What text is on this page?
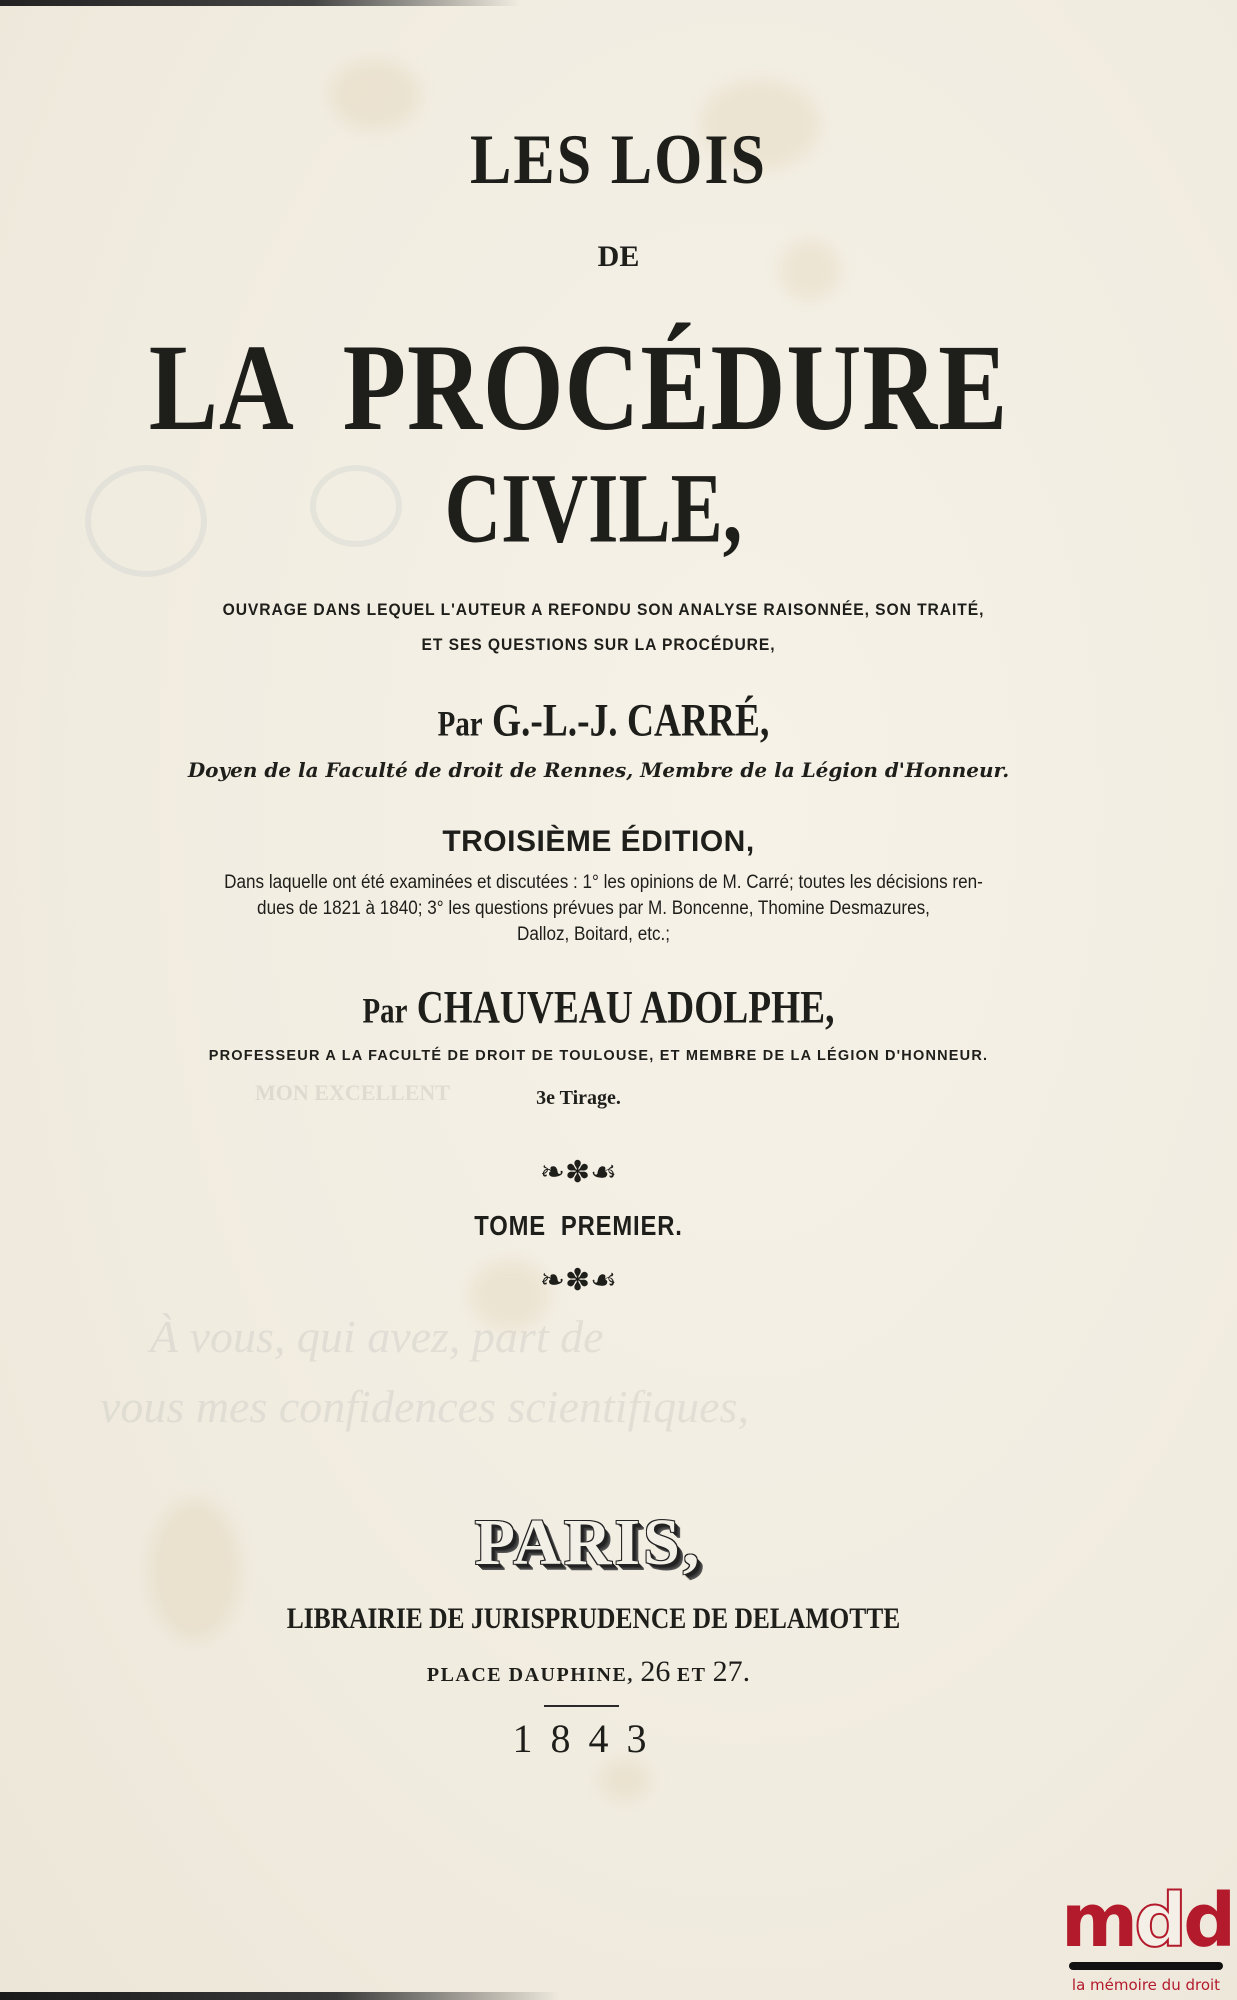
À vous, qui avez, part de
vous mes confidences scientifiques,
MON EXCELLENT
LES LOIS
DE
LA  PROCÉDURE
CIVILE,
OUVRAGE DANS LEQUEL L'AUTEUR A REFONDU SON ANALYSE RAISONNÉE, SON TRAITÉ,
ET SES QUESTIONS SUR LA PROCÉDURE,
Par G.-L.-J. CARRÉ,
Doyen de la Faculté de droit de Rennes, Membre de la Légion d'Honneur.
TROISIÈME ÉDITION,
Dans laquelle ont été examinées et discutées : 1° les opinions de M. Carré; toutes les décisions ren-
dues de 1821 à 1840; 3° les questions prévues par M. Boncenne, Thomine Desmazures,
Dalloz, Boitard, etc.;
Par CHAUVEAU ADOLPHE,
PROFESSEUR A LA FACULTÉ DE DROIT DE TOULOUSE, ET MEMBRE DE LA LÉGION D'HONNEUR.
3e Tirage.
❧✽☙
TOME  PREMIER.
❧✽☙
PARIS,
LIBRAIRIE DE JURISPRUDENCE DE DELAMOTTE
PLACE DAUPHINE, 26 ET 27.
1843
mdd
la mémoire du droit
